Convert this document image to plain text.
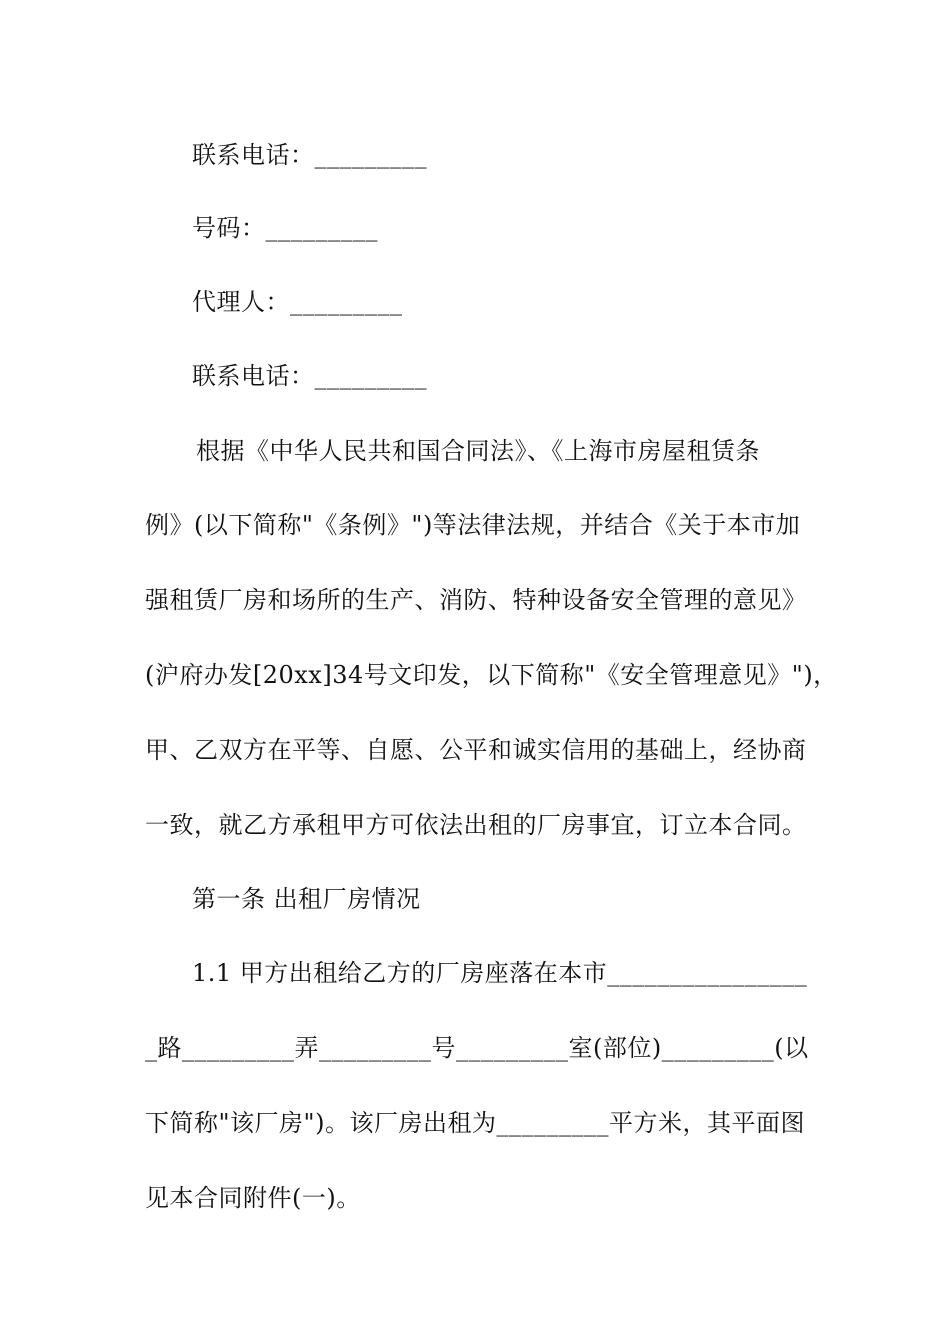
联系电话：_________
号码：_________
代理人：_________
联系电话：_________
根据《中华人民共和国合同法》、《上海市房屋租赁条
例》(以下简称"《条例》")等法律法规，并结合《关于本市加
强租赁厂房和场所的生产、消防、特种设备安全管理的意见》
(沪府办发[20xx]34号文印发，以下简称"《安全管理意见》")，
甲、乙双方在平等、自愿、公平和诚实信用的基础上，经协商
一致，就乙方承租甲方可依法出租的厂房事宜，订立本合同。
第一条 出租厂房情况
1.1 甲方出租给乙方的厂房座落在本市________________
_路_________弄_________号_________室(部位)_________(以
下简称"该厂房")。该厂房出租为_________平方米，其平面图
见本合同附件(一)。
